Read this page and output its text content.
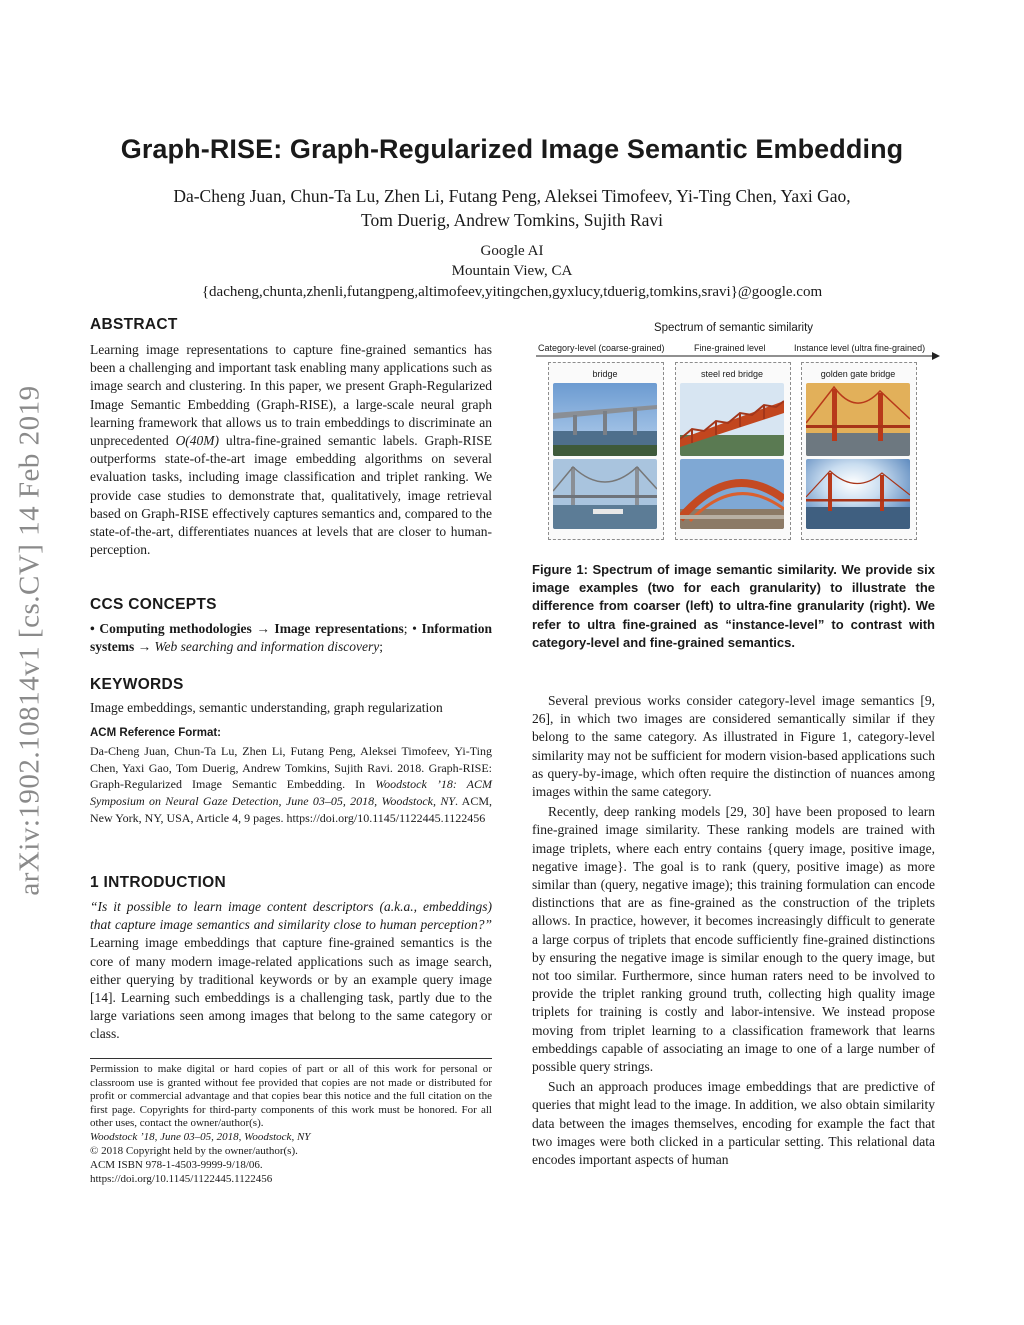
arXiv:1902.10814v1 [cs.CV] 14 Feb 2019
Graph-RISE: Graph-Regularized Image Semantic Embedding
Da-Cheng Juan, Chun-Ta Lu, Zhen Li, Futang Peng, Aleksei Timofeev, Yi-Ting Chen, Yaxi Gao,
Tom Duerig, Andrew Tomkins, Sujith Ravi
Google AI
Mountain View, CA
{dacheng,chunta,zhenli,futangpeng,altimofeev,yitingchen,gyxlucy,tduerig,tomkins,sravi}@google.com
ABSTRACT
Learning image representations to capture fine-grained semantics has been a challenging and important task enabling many applications such as image search and clustering. In this paper, we present Graph-Regularized Image Semantic Embedding (Graph-RISE), a large-scale neural graph learning framework that allows us to train embeddings to discriminate an unprecedented O(40M) ultra-fine-grained semantic labels. Graph-RISE outperforms state-of-the-art image embedding algorithms on several evaluation tasks, including image classification and triplet ranking. We provide case studies to demonstrate that, qualitatively, image retrieval based on Graph-RISE effectively captures semantics and, compared to the state-of-the-art, differentiates nuances at levels that are closer to human-perception.
CCS CONCEPTS
• Computing methodologies → Image representations; • Information systems → Web searching and information discovery;
KEYWORDS
Image embeddings, semantic understanding, graph regularization
ACM Reference Format:
Da-Cheng Juan, Chun-Ta Lu, Zhen Li, Futang Peng, Aleksei Timofeev, Yi-Ting Chen, Yaxi Gao, Tom Duerig, Andrew Tomkins, Sujith Ravi. 2018. Graph-RISE: Graph-Regularized Image Semantic Embedding. In Woodstock ’18: ACM Symposium on Neural Gaze Detection, June 03–05, 2018, Woodstock, NY. ACM, New York, NY, USA, Article 4, 9 pages. https://doi.org/10.1145/1122445.1122456
1 INTRODUCTION
“Is it possible to learn image content descriptors (a.k.a., embeddings) that capture image semantics and similarity close to human perception?” Learning image embeddings that capture fine-grained semantics is the core of many modern image-related applications such as image search, either querying by traditional keywords or by an example query image [14]. Learning such embeddings is a challenging task, partly due to the large variations seen among images that belong to the same category or class.
Permission to make digital or hard copies of part or all of this work for personal or classroom use is granted without fee provided that copies are not made or distributed for profit or commercial advantage and that copies bear this notice and the full citation on the first page. Copyrights for third-party components of this work must be honored. For all other uses, contact the owner/author(s).
Woodstock ’18, June 03–05, 2018, Woodstock, NY
© 2018 Copyright held by the owner/author(s).
ACM ISBN 978-1-4503-9999-9/18/06.
https://doi.org/10.1145/1122445.1122456
Spectrum of semantic similarity
Category-level (coarse-grained)	Fine-grained level	Instance level (ultra fine-grained)
bridge	steel red bridge	golden gate bridge
Figure 1: Spectrum of image semantic similarity. We provide six image examples (two for each granularity) to illustrate the difference from coarser (left) to ultra-fine granularity (right). We refer to ultra fine-grained as “instance-level” to contrast with category-level and fine-grained semantics.

Several previous works consider category-level image semantics [9, 26], in which two images are considered semantically similar if they belong to the same category. As illustrated in Figure 1, category-level similarity may not be sufficient for modern vision-based applications such as query-by-image, which often require the distinction of nuances among images within the same category.

Recently, deep ranking models [29, 30] have been proposed to learn fine-grained image similarity. These ranking models are trained with image triplets, where each entry contains {query image, positive image, negative image}. The goal is to rank (query, positive image) as more similar than (query, negative image); this training formulation can encode distinctions that are as fine-grained as the construction of the triplets allows. In practice, however, it becomes increasingly difficult to generate a large corpus of triplets that encode sufficiently fine-grained distinctions by ensuring the negative image is similar enough to the query image, but not too similar. Furthermore, since human raters need to be involved to provide the triplet ranking ground truth, collecting high quality image triplets for training is costly and labor-intensive. We instead propose moving from triplet learning to a classification framework that learns embeddings capable of associating an image to one of a large number of possible query strings.

Such an approach produces image embeddings that are predictive of queries that might lead to the image. In addition, we also obtain similarity data between the images themselves, encoding for example the fact that two images were both clicked in a particular setting. This relational data encodes important aspects of human
